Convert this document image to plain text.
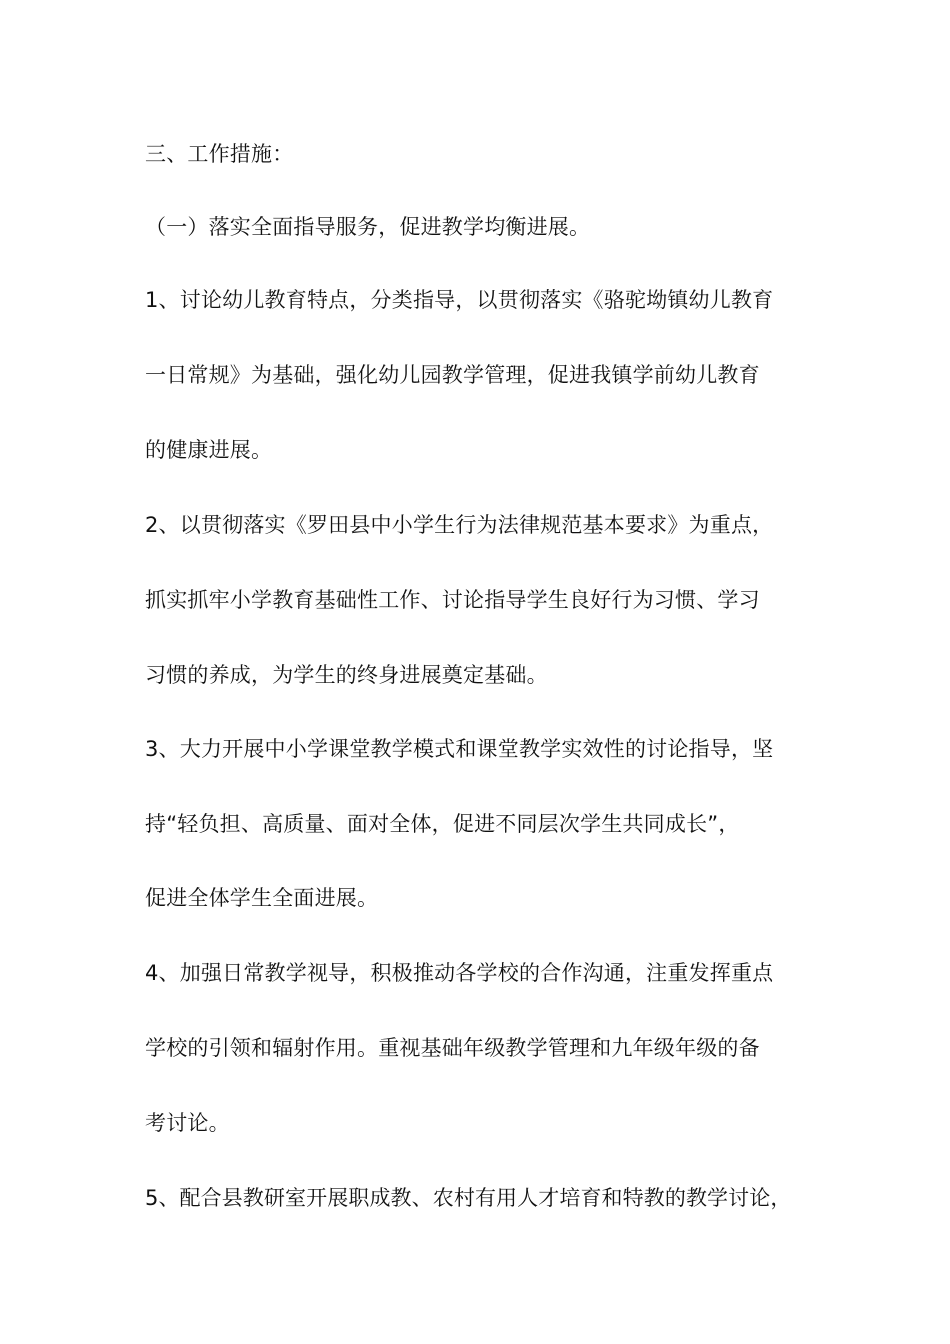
三、工作措施：
（一）落实全面指导服务，促进教学均衡进展。
1、讨论幼儿教育特点，分类指导，以贯彻落实《骆驼坳镇幼儿教育
一日常规》为基础，强化幼儿园教学管理，促进我镇学前幼儿教育
的健康进展。
2、以贯彻落实《罗田县中小学生行为法律规范基本要求》为重点，
抓实抓牢小学教育基础性工作、讨论指导学生良好行为习惯、学习
习惯的养成，为学生的终身进展奠定基础。
3、大力开展中小学课堂教学模式和课堂教学实效性的讨论指导，坚
持“轻负担、高质量、面对全体，促进不同层次学生共同成长”，
促进全体学生全面进展。
4、加强日常教学视导，积极推动各学校的合作沟通，注重发挥重点
学校的引领和辐射作用。重视基础年级教学管理和九年级年级的备
考讨论。
5、配合县教研室开展职成教、农村有用人才培育和特教的教学讨论，
